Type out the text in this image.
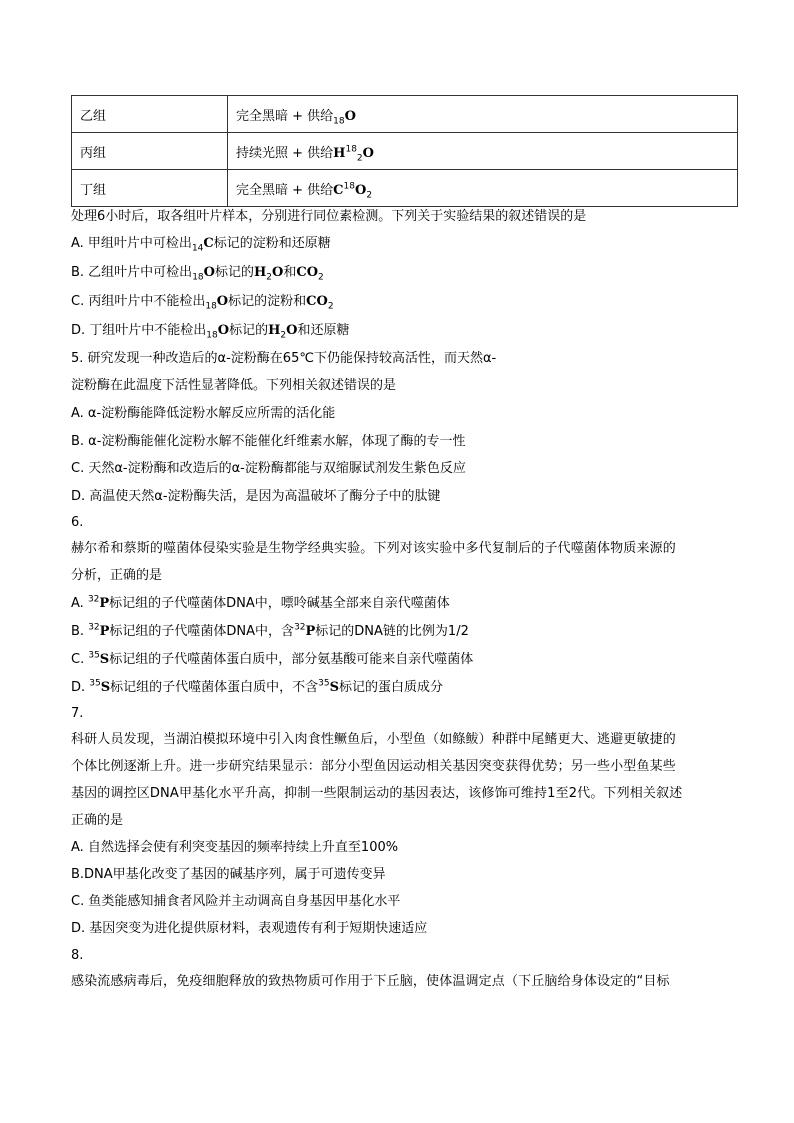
乙组	完全黑暗 + 供给$_{18}$O
丙组	持续光照 + 供给$H^{18}_2O$
丁组	完全黑暗 + 供给$C^{18}O_2$
处理6小时后，取各组叶片样本，分别进行同位素检测。下列关于实验结果的叙述错误的是
A. 甲组叶片中可检出$_{14}$C标记的淀粉和还原糖
B. 乙组叶片中可检出$_{18}$O标记的$H_2O$和$CO_2$
C. 丙组叶片中不能检出$_{18}$O标记的淀粉和$CO_2$
D. 丁组叶片中不能检出$_{18}$O标记的$H_2O$和还原糖
5. 研究发现一种改造后的α-淀粉酶在65℃下仍能保持较高活性，而天然α-
淀粉酶在此温度下活性显著降低。下列相关叙述错误的是
A. α-淀粉酶能降低淀粉水解反应所需的活化能
B. α-淀粉酶能催化淀粉水解不能催化纤维素水解，体现了酶的专一性
C. 天然α-淀粉酶和改造后的α-淀粉酶都能与双缩脲试剂发生紫色反应
D. 高温使天然α-淀粉酶失活，是因为高温破坏了酶分子中的肽键
6.
赫尔希和蔡斯的噬菌体侵染实验是生物学经典实验。下列对该实验中多代复制后的子代噬菌体物质来源的
分析，正确的是
A. $^{32}$P标记组的子代噬菌体DNA中，嘌呤碱基全部来自亲代噬菌体
B. $^{32}$P标记组的子代噬菌体DNA中，含$^{32}$P标记的DNA链的比例为1/2
C. $^{35}$S标记组的子代噬菌体蛋白质中，部分氨基酸可能来自亲代噬菌体
D. $^{35}$S标记组的子代噬菌体蛋白质中，不含$^{35}$S标记的蛋白质成分
7.
科研人员发现，当湖泊模拟环境中引入肉食性鳜鱼后，小型鱼（如鲦鲅）种群中尾鳍更大、逃避更敏捷的
个体比例逐渐上升。进一步研究结果显示：部分小型鱼因运动相关基因突变获得优势；另一些小型鱼某些
基因的调控区DNA甲基化水平升高，抑制一些限制运动的基因表达，该修饰可维持1至2代。下列相关叙述
正确的是
A. 自然选择会使有利突变基因的频率持续上升直至100%
B.DNA甲基化改变了基因的碱基序列，属于可遗传变异
C. 鱼类能感知捕食者风险并主动调高自身基因甲基化水平
D. 基因突变为进化提供原材料，表观遗传有利于短期快速适应
8.
感染流感病毒后，免疫细胞释放的致热物质可作用于下丘脑，使体温调定点（下丘脑给身体设定的“目标
